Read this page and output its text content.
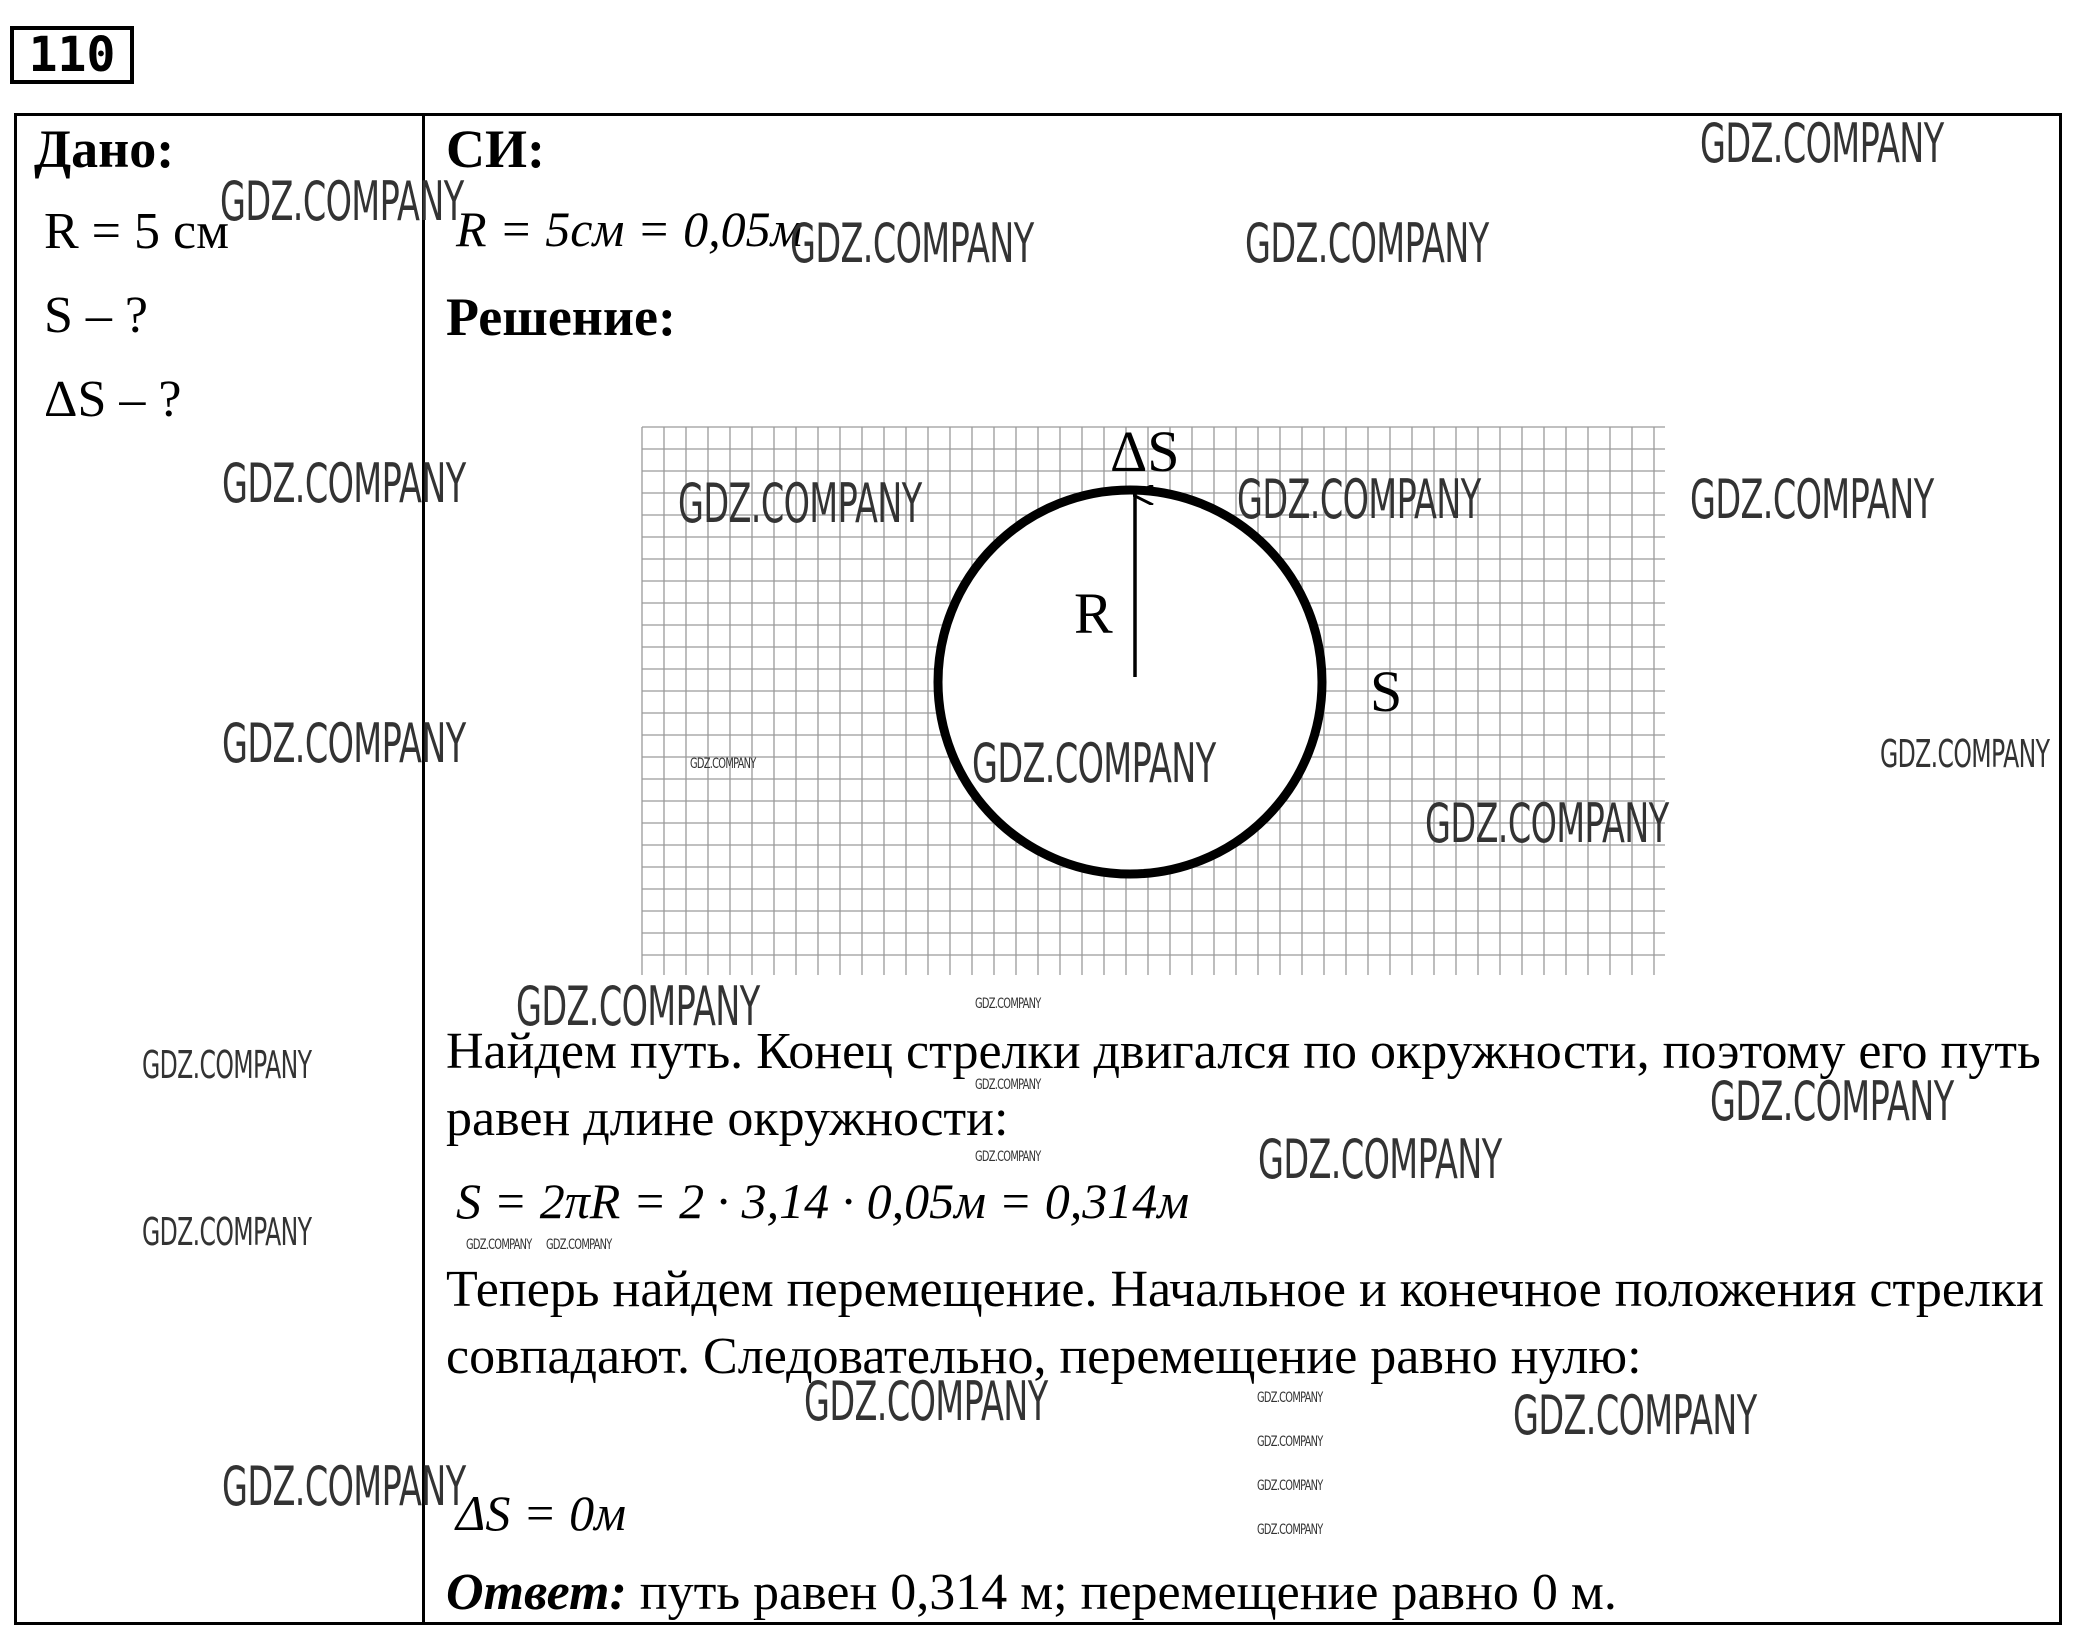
110
Дано:
R = 5 см
S – ?
ΔS – ?
СИ:
R = 5см = 0,05м
Решение:
ΔS
R
S
Найдем путь. Конец стрелки двигался по окружности, поэтому его путь равен длине окружности:
S = 2πR = 2 · 3,14 · 0,05м = 0,314м
Теперь найдем перемещение. Начальное и конечное положения стрелки совпадают. Следовательно, перемещение равно нулю:
ΔS = 0м
Ответ: путь равен 0,314 м; перемещение равно 0 м.
GDZ.COMPANY
GDZ.COMPANY
GDZ.COMPANY	GDZ.COMPANY
GDZ.COMPANY	GDZ.COMPANY	GDZ.COMPANY	GDZ.COMPANY
GDZ.COMPANY	GDZ.COMPANY	GDZ.COMPANY
GDZ.COMPANY
GDZ.COMPANY
GDZ.COMPANY
GDZ.COMPANY
GDZ.COMPANY
GDZ.COMPANY
GDZ.COMPANY	GDZ.COMPANY
GDZ.COMPANY
GDZ.COMPANY
GDZ.COMPANY
GDZ.COMPANY
GDZ.COMPANY
GDZ.COMPANY GDZ.COMPANY
GDZ.COMPANY
GDZ.COMPANY
GDZ.COMPANY
GDZ.COMPANY
